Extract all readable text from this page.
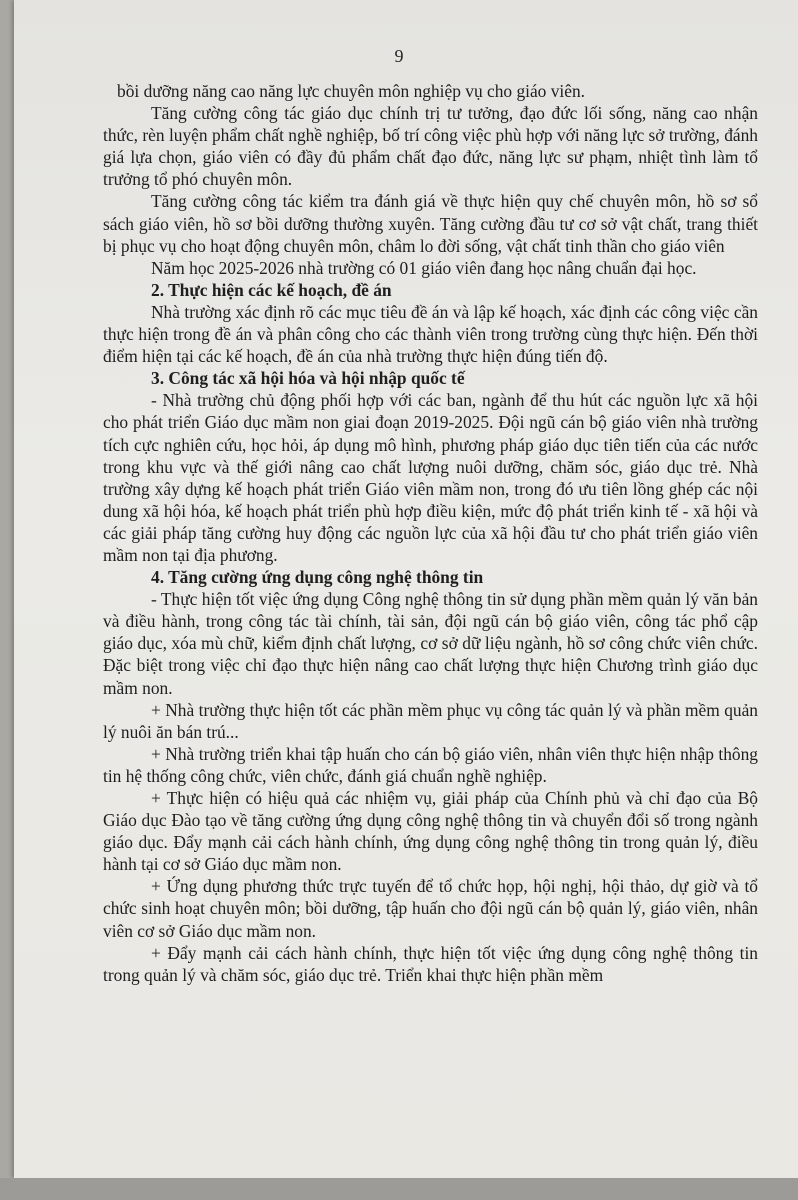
9

bồi dưỡng năng cao năng lực chuyên môn nghiệp vụ cho giáo viên.

Tăng cường công tác giáo dục chính trị tư tưởng, đạo đức lối sống, năng cao nhận thức, rèn luyện phẩm chất nghề nghiệp, bố trí công việc phù hợp với năng lực sở trường, đánh giá lựa chọn, giáo viên có đầy đủ phẩm chất đạo đức, năng lực sư phạm, nhiệt tình làm tổ trưởng tổ phó chuyên môn.

Tăng cường công tác kiểm tra đánh giá về thực hiện quy chế chuyên môn, hồ sơ sổ sách giáo viên, hồ sơ bồi dưỡng thường xuyên. Tăng cường đầu tư cơ sở vật chất, trang thiết bị phục vụ cho hoạt động chuyên môn, châm lo đời sống, vật chất tinh thần cho giáo viên

Năm học 2025-2026 nhà trường có 01 giáo viên đang học nâng chuẩn đại học.

2. Thực hiện các kế hoạch, đề án

Nhà trường xác định rõ các mục tiêu đề án và lập kế hoạch, xác định các công việc cần thực hiện trong đề án và phân công cho các thành viên trong trường cùng thực hiện. Đến thời điểm hiện tại các kế hoạch, đề án của nhà trường thực hiện đúng tiến độ.

3. Công tác xã hội hóa và hội nhập quốc tế

- Nhà trường chủ động phối hợp với các ban, ngành để thu hút các nguồn lực xã hội cho phát triển Giáo dục mầm non giai đoạn 2019-2025. Đội ngũ cán bộ giáo viên nhà trường tích cực nghiên cứu, học hỏi, áp dụng mô hình, phương pháp giáo dục tiên tiến của các nước trong khu vực và thế giới nâng cao chất lượng nuôi dưỡng, chăm sóc, giáo dục trẻ. Nhà trường xây dựng kế hoạch phát triển Giáo viên mầm non, trong đó ưu tiên lồng ghép các nội dung xã hội hóa, kế hoạch phát triển phù hợp điều kiện, mức độ phát triển kinh tế - xã hội và các giải pháp tăng cường huy động các nguồn lực của xã hội đầu tư cho phát triển giáo viên mầm non tại địa phương.

4. Tăng cường ứng dụng công nghệ thông tin

- Thực hiện tốt việc ứng dụng Công nghệ thông tin sử dụng phần mềm quản lý văn bản và điều hành, trong công tác tài chính, tài sản, đội ngũ cán bộ giáo viên, công tác phổ cập giáo dục, xóa mù chữ, kiểm định chất lượng, cơ sở dữ liệu ngành, hồ sơ công chức viên chức. Đặc biệt trong việc chỉ đạo thực hiện nâng cao chất lượng thực hiện Chương trình giáo dục mầm non.

+ Nhà trường thực hiện tốt các phần mềm phục vụ công tác quản lý và phần mềm quản lý nuôi ăn bán trú...

+ Nhà trường triển khai tập huấn cho cán bộ giáo viên, nhân viên thực hiện nhập thông tin hệ thống công chức, viên chức, đánh giá chuẩn nghề nghiệp.

+ Thực hiện có hiệu quả các nhiệm vụ, giải pháp của Chính phủ và chỉ đạo của Bộ Giáo dục Đào tạo về tăng cường ứng dụng công nghệ thông tin và chuyển đổi số trong ngành giáo dục. Đẩy mạnh cải cách hành chính, ứng dụng công nghệ thông tin trong quản lý, điều hành tại cơ sở Giáo dục mầm non.

+ Ứng dụng phương thức trực tuyến để tổ chức họp, hội nghị, hội thảo, dự giờ và tổ chức sinh hoạt chuyên môn; bồi dưỡng, tập huấn cho đội ngũ cán bộ quản lý, giáo viên, nhân viên cơ sở Giáo dục mầm non.

+ Đẩy mạnh cải cách hành chính, thực hiện tốt việc ứng dụng công nghệ thông tin trong quản lý và chăm sóc, giáo dục trẻ. Triển khai thực hiện phần mềm
